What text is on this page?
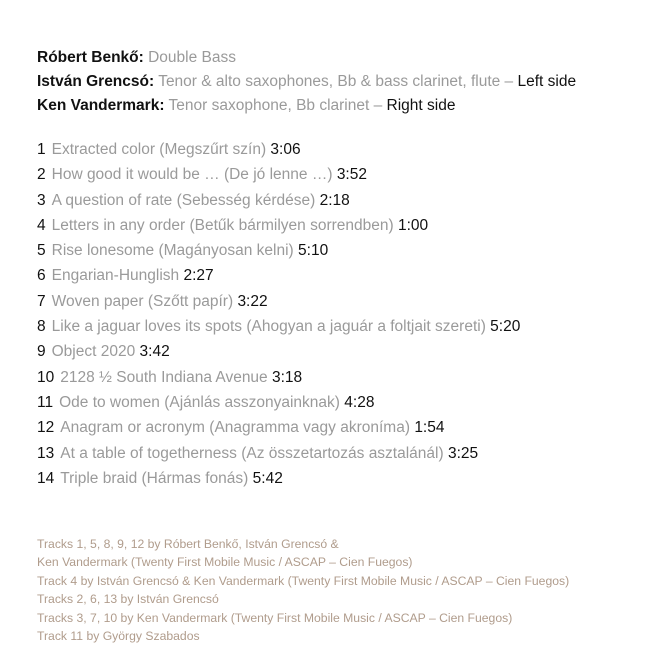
Róbert Benkő: Double Bass
István Grencsó: Tenor & alto saxophones, Bb & bass clarinet, flute – Left side
Ken Vandermark: Tenor saxophone, Bb clarinet – Right side
1 Extracted color (Megszűrt szín) 3:06
2 How good it would be … (De jó lenne …) 3:52
3 A question of rate (Sebesség kérdése) 2:18
4 Letters in any order (Betűk bármilyen sorrendben) 1:00
5 Rise lonesome (Magányosan kelni) 5:10
6 Engarian-Hunglish 2:27
7 Woven paper (Szőtt papír) 3:22
8 Like a jaguar loves its spots (Ahogyan a jaguár a foltjait szereti) 5:20
9 Object 2020 3:42
10 2128 ½ South Indiana Avenue 3:18
11 Ode to women (Ajánlás asszonyainknak) 4:28
12 Anagram or acronym (Anagramma vagy akroníma) 1:54
13 At a table of togetherness (Az összetartozás asztalánál) 3:25
14 Triple braid (Hármas fonás) 5:42
Tracks 1, 5, 8, 9, 12 by Róbert Benkő, István Grencsó &
Ken Vandermark (Twenty First Mobile Music / ASCAP – Cien Fuegos)
Track 4 by István Grencsó & Ken Vandermark (Twenty First Mobile Music / ASCAP – Cien Fuegos)
Tracks 2, 6, 13 by István Grencsó
Tracks 3, 7, 10 by Ken Vandermark (Twenty First Mobile Music / ASCAP – Cien Fuegos)
Track 11 by György Szabados
